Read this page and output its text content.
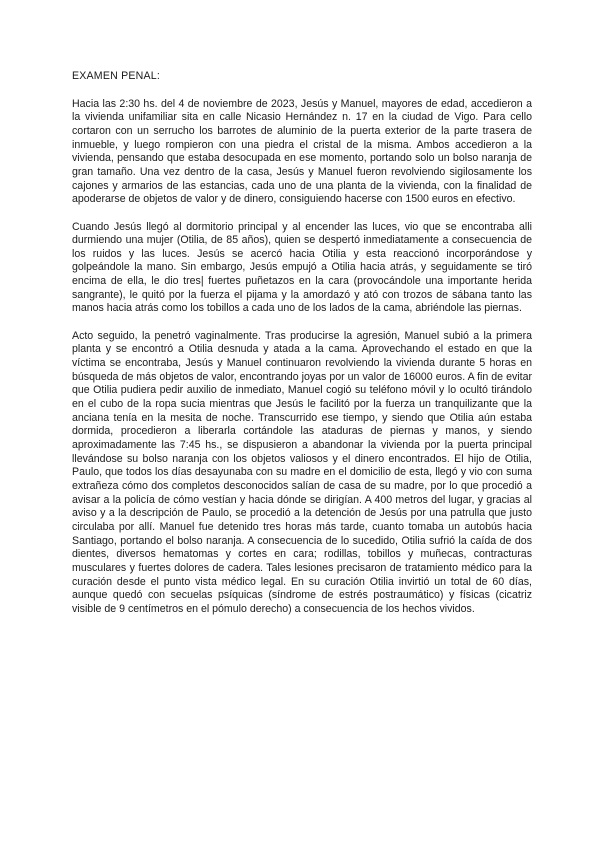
EXAMEN PENAL:

Hacia las 2:30 hs. del 4 de noviembre de 2023, Jesús y Manuel, mayores de edad, accedieron a la vivienda unifamiliar sita en calle Nicasio Hernández n. 17 en la ciudad de Vigo. Para cello cortaron con un serrucho los barrotes de aluminio de la puerta exterior de la parte trasera de inmueble, y luego rompieron con una piedra el cristal de la misma. Ambos accedieron a la vivienda, pensando que estaba desocupada en ese momento, portando solo un bolso naranja de gran tamaño. Una vez dentro de la casa, Jesús y Manuel fueron revolviendo sigilosamente los cajones y armarios de las estancias, cada uno de una planta de la vivienda, con la finalidad de apoderarse de objetos de valor y de dinero, consiguiendo hacerse con 1500 euros en efectivo.

Cuando Jesús llegó al dormitorio principal y al encender las luces, vio que se encontraba alli durmiendo una mujer (Otilia, de 85 años), quien se despertó inmediatamente a consecuencia de los ruidos y las luces. Jesús se acercó hacia Otilia y esta reaccionó incorporándose y golpeándole la mano. Sin embargo, Jesús empujó a Otilia hacia atrás, y seguidamente se tiró encima de ella, le dio tres| fuertes puñetazos en la cara (provocándole una importante herida sangrante), le quitó por la fuerza el pijama y la amordazó y ató con trozos de sábana tanto las manos hacia atrás como los tobillos a cada uno de los lados de la cama, abriéndole las piernas.

Acto seguido, la penetró vaginalmente. Tras producirse la agresión, Manuel subió a la primera planta y se encontró a Otilia desnuda y atada a la cama. Aprovechando el estado en que la víctima se encontraba, Jesús y Manuel continuaron revolviendo la vivienda durante 5 horas en búsqueda de más objetos de valor, encontrando joyas por un valor de 16000 euros. A fin de evitar que Otilia pudiera pedir auxilio de inmediato, Manuel cogió su teléfono móvil y lo ocultó tirándolo en el cubo de la ropa sucia mientras que Jesús le facilitó por la fuerza un tranquilizante que la anciana tenía en la mesita de noche. Transcurrido ese tiempo, y siendo que Otilia aún estaba dormida, procedieron a liberarla cortándole las ataduras de piernas y manos, y siendo aproximadamente las 7:45 hs., se dispusieron a abandonar la vivienda por la puerta principal llevándose su bolso naranja con los objetos valiosos y el dinero encontrados. El hijo de Otilia, Paulo, que todos los días desayunaba con su madre en el domicilio de esta, llegó y vio con suma extrañeza cómo dos completos desconocidos salían de casa de su madre, por lo que procedió a avisar a la policía de cómo vestían y hacia dónde se dirigían. A 400 metros del lugar, y gracias al aviso y a la descripción de Paulo, se procedió a la detención de Jesús por una patrulla que justo circulaba por allí. Manuel fue detenido tres horas más tarde, cuanto tomaba un autobús hacia Santiago, portando el bolso naranja. A consecuencia de lo sucedido, Otilia sufrió la caída de dos dientes, diversos hematomas y cortes en cara; rodillas, tobillos y muñecas, contracturas musculares y fuertes dolores de cadera. Tales lesiones precisaron de tratamiento médico para la curación desde el punto vista médico legal. En su curación Otilia invirtió un total de 60 días, aunque quedó con secuelas psíquicas (síndrome de estrés postraumático) y físicas (cicatriz visible de 9 centímetros en el pómulo derecho) a consecuencia de los hechos vividos.
